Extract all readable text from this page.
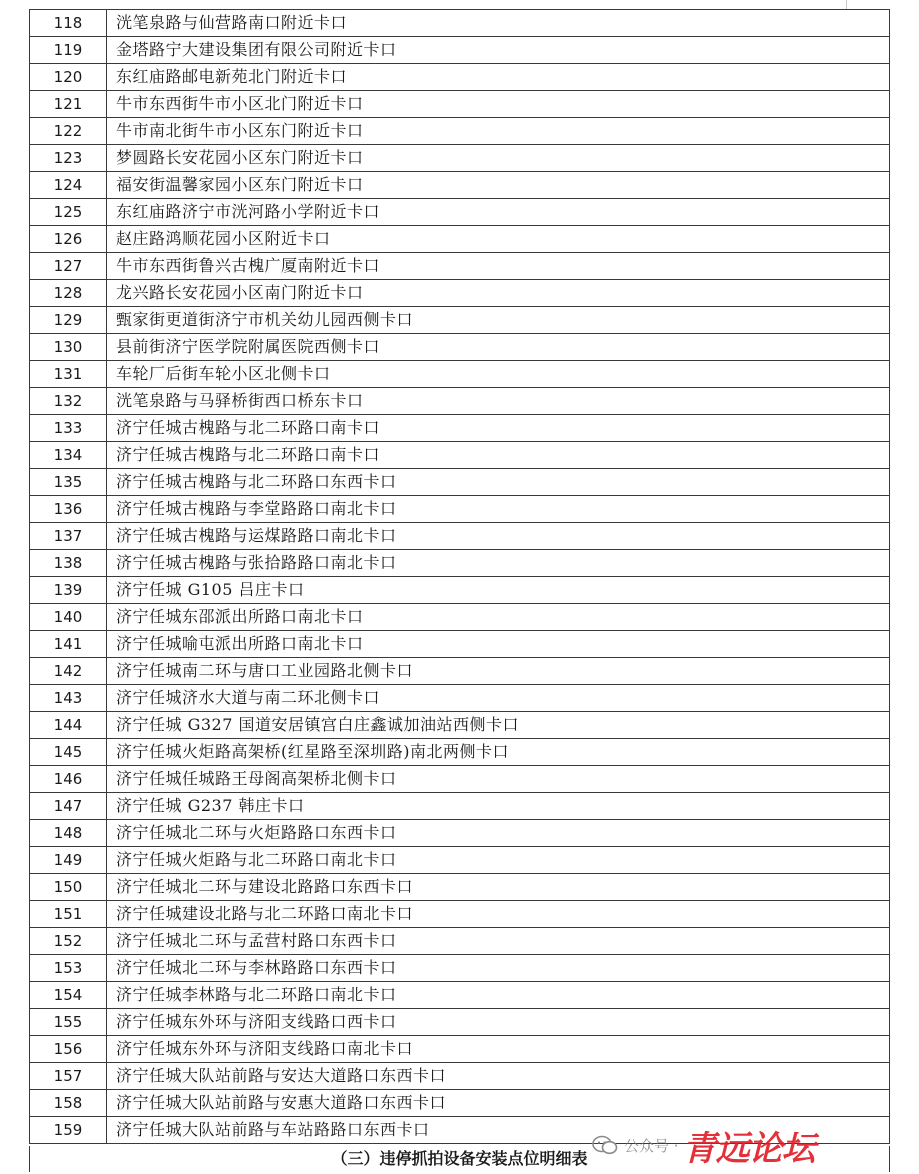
118	洸笔泉路与仙营路南口附近卡口
119	金塔路宁大建设集团有限公司附近卡口
120	东红庙路邮电新苑北门附近卡口
121	牛市东西街牛市小区北门附近卡口
122	牛市南北街牛市小区东门附近卡口
123	梦圆路长安花园小区东门附近卡口
124	福安街温馨家园小区东门附近卡口
125	东红庙路济宁市洸河路小学附近卡口
126	赵庄路鸿顺花园小区附近卡口
127	牛市东西街鲁兴古槐广厦南附近卡口
128	龙兴路长安花园小区南门附近卡口
129	甄家街更道街济宁市机关幼儿园西侧卡口
130	县前街济宁医学院附属医院西侧卡口
131	车轮厂后街车轮小区北侧卡口
132	洸笔泉路与马驿桥街西口桥东卡口
133	济宁任城古槐路与北二环路口南卡口
134	济宁任城古槐路与北二环路口南卡口
135	济宁任城古槐路与北二环路口东西卡口
136	济宁任城古槐路与李堂路路口南北卡口
137	济宁任城古槐路与运煤路路口南北卡口
138	济宁任城古槐路与张拾路路口南北卡口
139	济宁任城 G105 吕庄卡口
140	济宁任城东邵派出所路口南北卡口
141	济宁任城喻屯派出所路口南北卡口
142	济宁任城南二环与唐口工业园路北侧卡口
143	济宁任城济水大道与南二环北侧卡口
144	济宁任城 G327 国道安居镇宫白庄鑫诚加油站西侧卡口
145	济宁任城火炬路高架桥(红星路至深圳路)南北两侧卡口
146	济宁任城任城路王母阁高架桥北侧卡口
147	济宁任城 G237 韩庄卡口
148	济宁任城北二环与火炬路路口东西卡口
149	济宁任城火炬路与北二环路口南北卡口
150	济宁任城北二环与建设北路路口东西卡口
151	济宁任城建设北路与北二环路口南北卡口
152	济宁任城北二环与孟营村路口东西卡口
153	济宁任城北二环与李林路路口东西卡口
154	济宁任城李林路与北二环路口南北卡口
155	济宁任城东外环与济阳支线路口西卡口
156	济宁任城东外环与济阳支线路口南北卡口
157	济宁任城大队站前路与安达大道路口东西卡口
158	济宁任城大队站前路与安惠大道路口东西卡口
159	济宁任城大队站前路与车站路路口东西卡口
（三）违停抓拍设备安装点位明细表
公众号 · 青远论坛
